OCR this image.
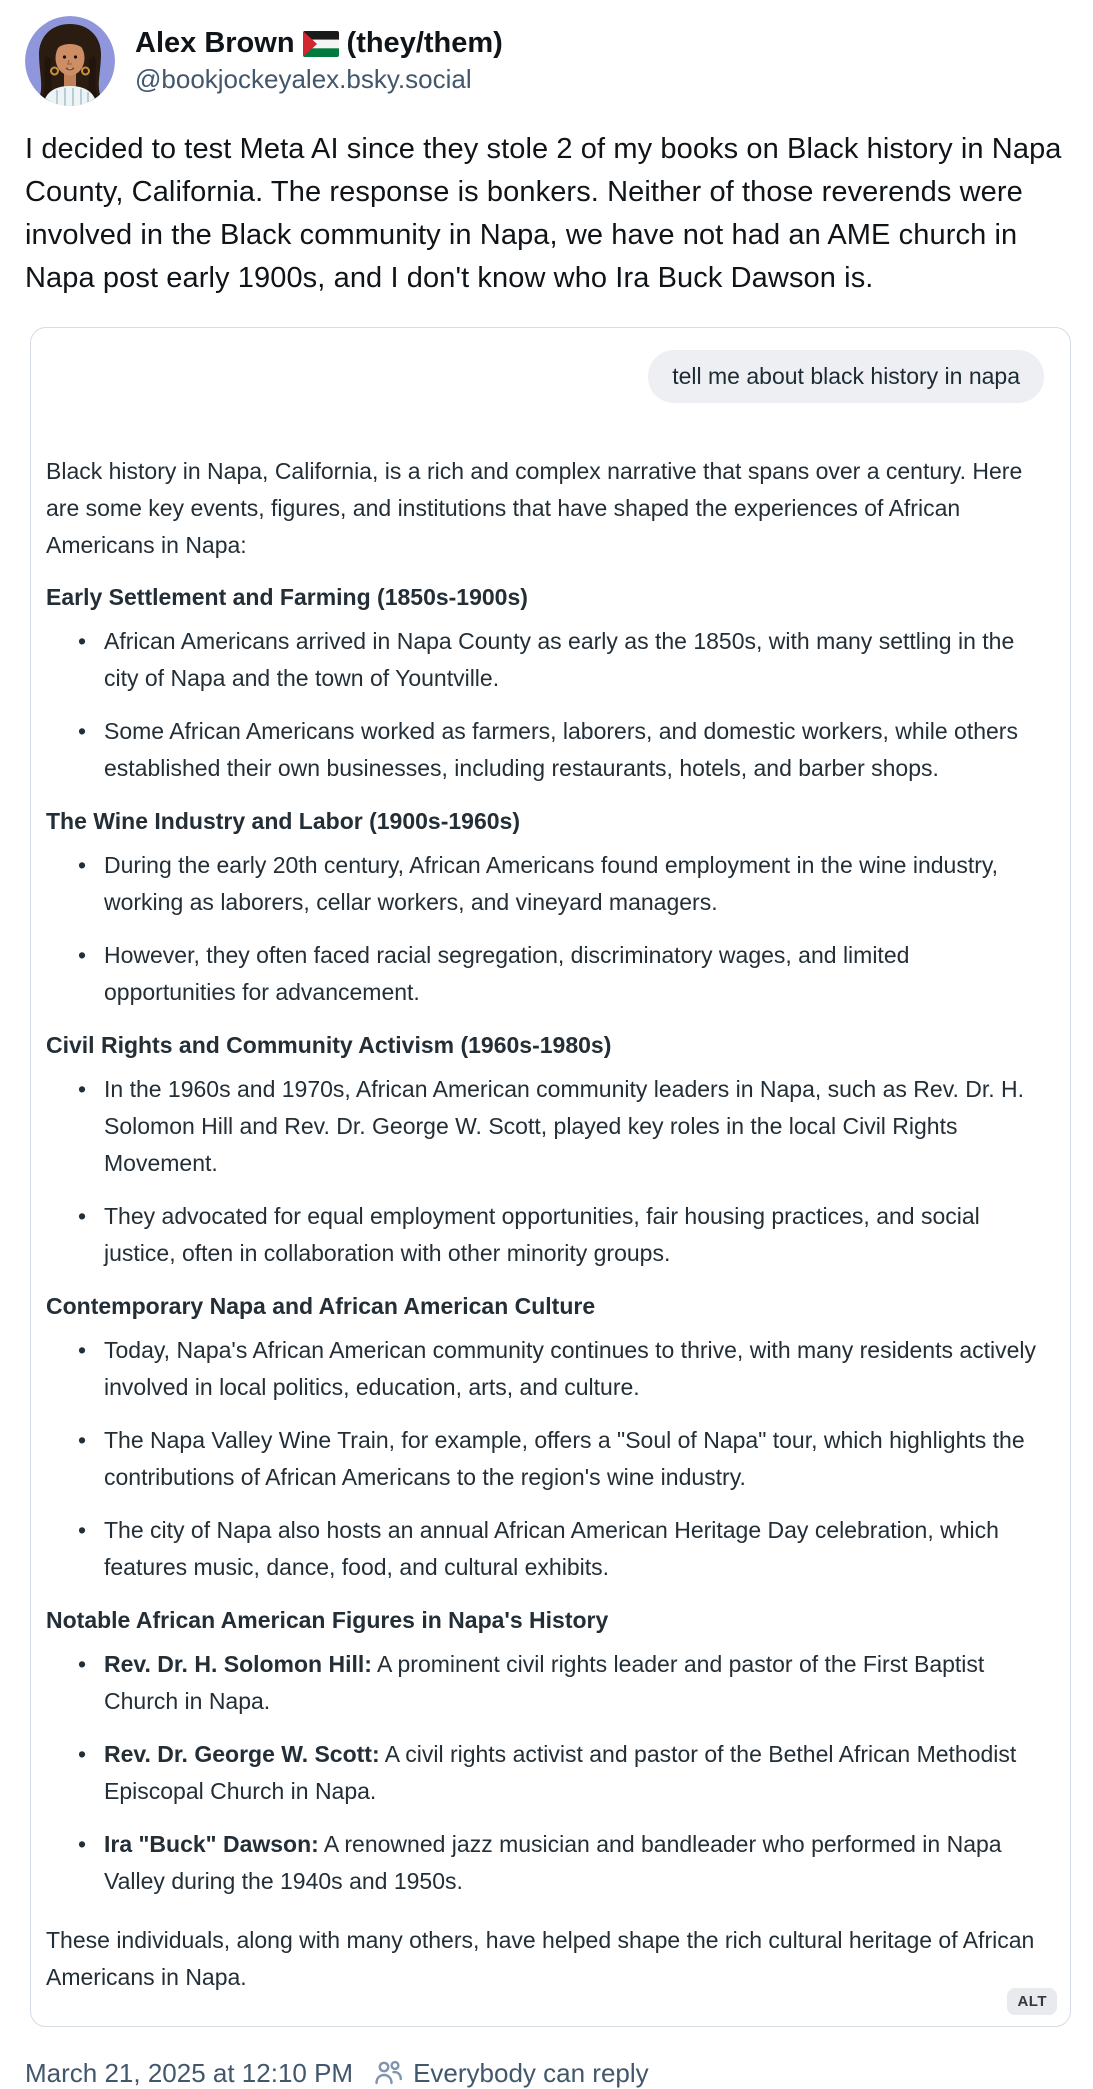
Alex Brown (they/them)
@bookjockeyalex.bsky.social
I decided to test Meta AI since they stole 2 of my books on Black history in Napa County, California. The response is bonkers. Neither of those reverends were involved in the Black community in Napa, we have not had an AME church in Napa post early 1900s, and I don't know who Ira Buck Dawson is.
tell me about black history in napa

Black history in Napa, California, is a rich and complex narrative that spans over a century. Here are some key events, figures, and institutions that have shaped the experiences of African Americans in Napa:

Early Settlement and Farming (1850s-1900s)
• African Americans arrived in Napa County as early as the 1850s, with many settling in the city of Napa and the town of Yountville.
• Some African Americans worked as farmers, laborers, and domestic workers, while others established their own businesses, including restaurants, hotels, and barber shops.
The Wine Industry and Labor (1900s-1960s)
• During the early 20th century, African Americans found employment in the wine industry, working as laborers, cellar workers, and vineyard managers.
• However, they often faced racial segregation, discriminatory wages, and limited opportunities for advancement.
Civil Rights and Community Activism (1960s-1980s)
• In the 1960s and 1970s, African American community leaders in Napa, such as Rev. Dr. H. Solomon Hill and Rev. Dr. George W. Scott, played key roles in the local Civil Rights Movement.
• They advocated for equal employment opportunities, fair housing practices, and social justice, often in collaboration with other minority groups.
Contemporary Napa and African American Culture
• Today, Napa's African American community continues to thrive, with many residents actively involved in local politics, education, arts, and culture.
• The Napa Valley Wine Train, for example, offers a "Soul of Napa" tour, which highlights the contributions of African Americans to the region's wine industry.
• The city of Napa also hosts an annual African American Heritage Day celebration, which features music, dance, food, and cultural exhibits.
Notable African American Figures in Napa's History
• Rev. Dr. H. Solomon Hill: A prominent civil rights leader and pastor of the First Baptist Church in Napa.
• Rev. Dr. George W. Scott: A civil rights activist and pastor of the Bethel African Methodist Episcopal Church in Napa.
• Ira "Buck" Dawson: A renowned jazz musician and bandleader who performed in Napa Valley during the 1940s and 1950s.

These individuals, along with many others, have helped shape the rich cultural heritage of African Americans in Napa.

ALT
March 21, 2025 at 12:10 PM Everybody can reply
